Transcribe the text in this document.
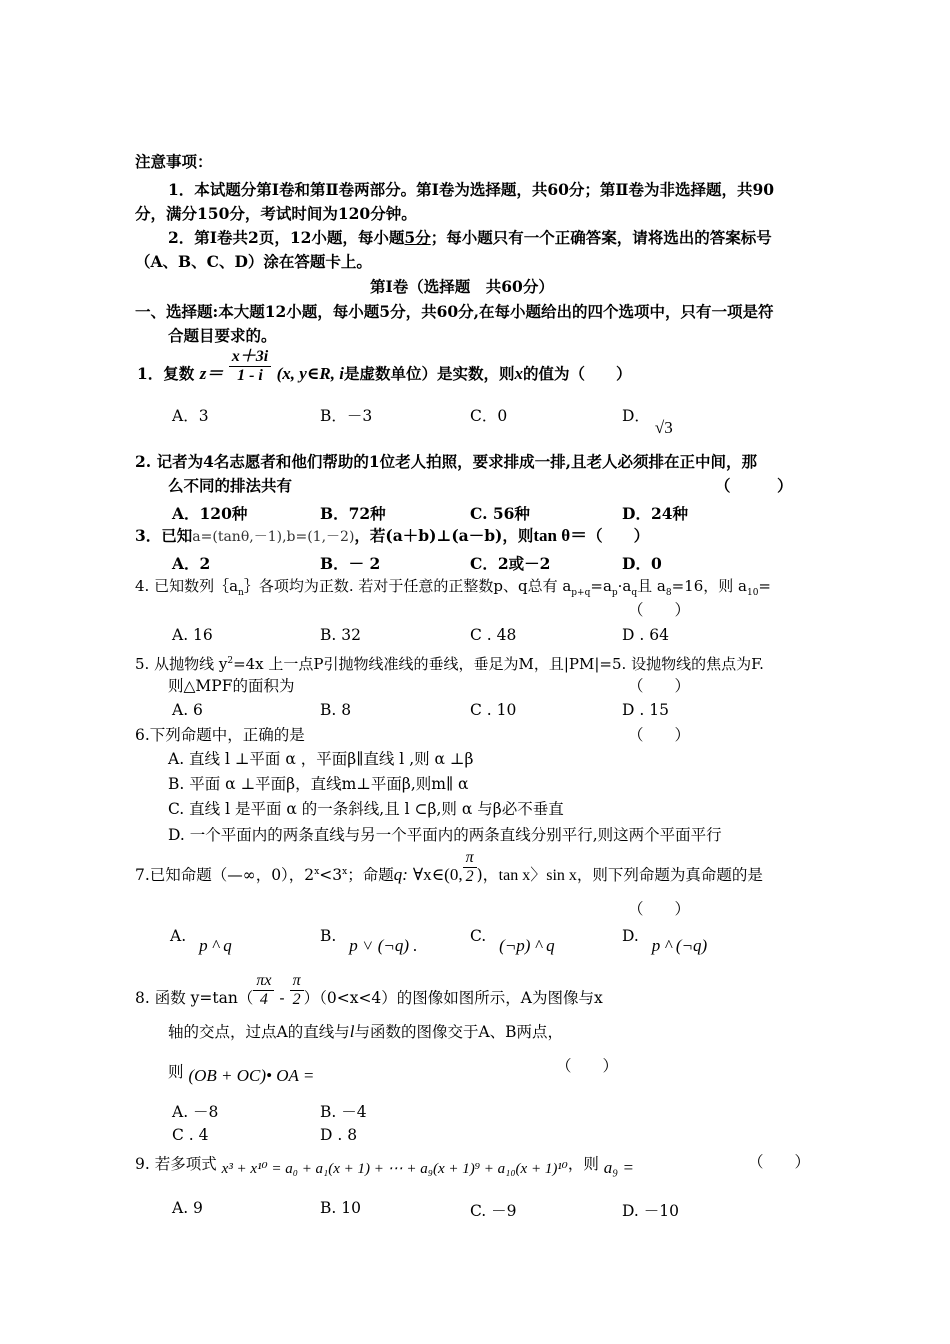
注意事项：
1．本试题分第Ⅰ卷和第Ⅱ卷两部分。第Ⅰ卷为选择题，共60分；第Ⅱ卷为非选择题，共90
分，满分150分，考试时间为120分钟。
2．第Ⅰ卷共2页，12小题，每小题5分；每小题只有一个正确答案，请将选出的答案标号
（A、B、C、D）涂在答题卡上。
第Ⅰ卷（选择题　共60分）
一、选择题:本大题12小题，每小题5分，共60分,在每小题给出的四个选项中，只有一项是符
合题目要求的。
1．复数 $z= \frac{x+3i}{1 - i} (x$, y∈R, i是虚数单位）是实数，则x的值为（　　）
A．3	B．－3	C．0	D． √3
2. 记者为4名志愿者和他们帮助的1位老人拍照，要求排成一排,且老人必须排在正中间，那
么不同的排法共有	（　　　）
A．120种	B．72种	C. 56种	D．24种
3．已知a=(tanθ,－1),b=(1,－2)，若(a＋b)⊥(a－b)，则tan θ＝（　　）
A．2	B．－ 2	C．2或－2	D．0
4. 已知数列$\{a_n\}$各项均为正数. 若对于任意的正整数p、q总有 $a_{p+q}=a_p\cdot a_q$且 $a_8=16$，则 $a_{10}=$
（　　）
A. 16	B. 32	C . 48	D . 64
5. 从抛物线 $y^2=4x$ 上一点P引抛物线准线的垂线，垂足为M，且|PM|=5. 设抛物线的焦点为F.
则△MPF的面积为	（　　）
A. 6	B. 8	C . 10	D . 15
6.下列命题中，正确的是	（　　）
A. 直线 l ⊥平面 α ，平面β∥直线 l ,则 α ⊥β
B. 平面 α ⊥平面β，直线m⊥平面β,则m∥ α
C. 直线 l 是平面 α 的一条斜线,且 l ⊂β,则 α 与β必不垂直
D. 一个平面内的两条直线与另一个平面内的两条直线分别平行,则这两个平面平行
7.已知命题（—∞，0），$2^x<3^x$；命题q: ∀x∈(0, $\frac{\pi}{2}$ )，tan x〉sin x，则下列命题为真命题的是
（　　）
A. p ^ q	B. p ˅ (¬q) .	C. (¬p) ^ q	D. p ^ (¬q)
8. 函数 $y=\tan( \frac{\pi x}{4} - \frac{\pi}{2} )(0<x<4)$的图像如图所示，A为图像与x
轴的交点，过点A的直线与l与函数的图像交于A、B两点，
则 (OB + OC)• OA =	（　　）
A. －8	B. －4
C . 4	D . 8
9. 若多项式 x³ + x¹⁰ = a₀ + a₁(x + 1) + ⋯ + a₉(x + 1)⁹ + a₁₀(x + 1)¹⁰，则 a₉ =	（　　）
A. 9	B. 10	C. －9	D. －10
